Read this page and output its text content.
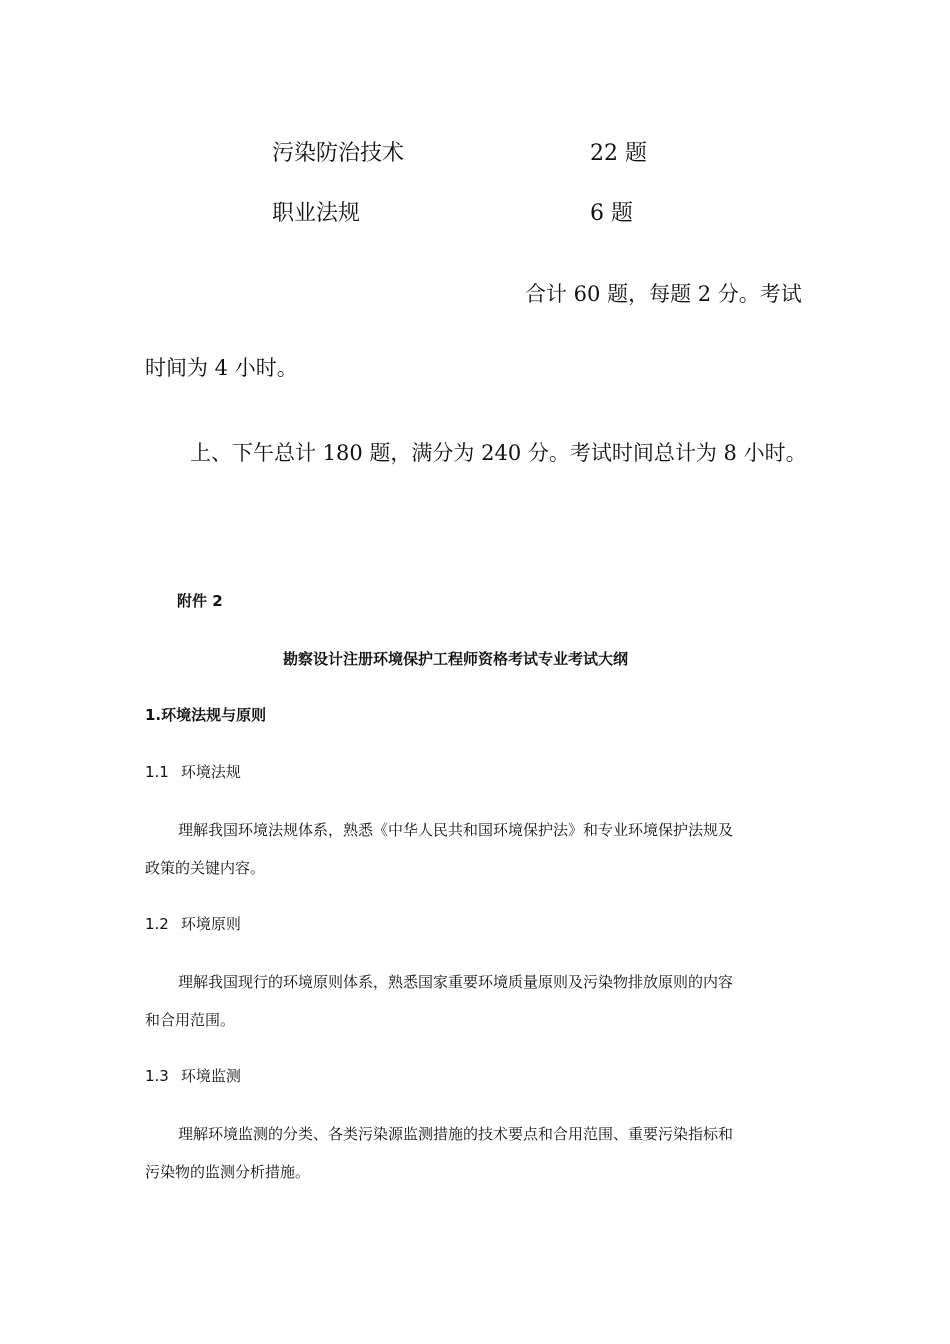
污染防治技术	22 题
职业法规	6 题
合计 60 题，每题 2 分。考试
时间为 4 小时。
上、下午总计 180 题，满分为 240 分。考试时间总计为 8 小时。
附件 2
勘察设计注册环境保护工程师资格考试专业考试大纲
1.环境法规与原则
1.1 环境法规
理解我国环境法规体系，熟悉《中华人民共和国环境保护法》和专业环境保护法规及
政策的关键内容。
1.2 环境原则
理解我国现行的环境原则体系，熟悉国家重要环境质量原则及污染物排放原则的内容
和合用范围。
1.3 环境监测
理解环境监测的分类、各类污染源监测措施的技术要点和合用范围、重要污染指标和
污染物的监测分析措施。
